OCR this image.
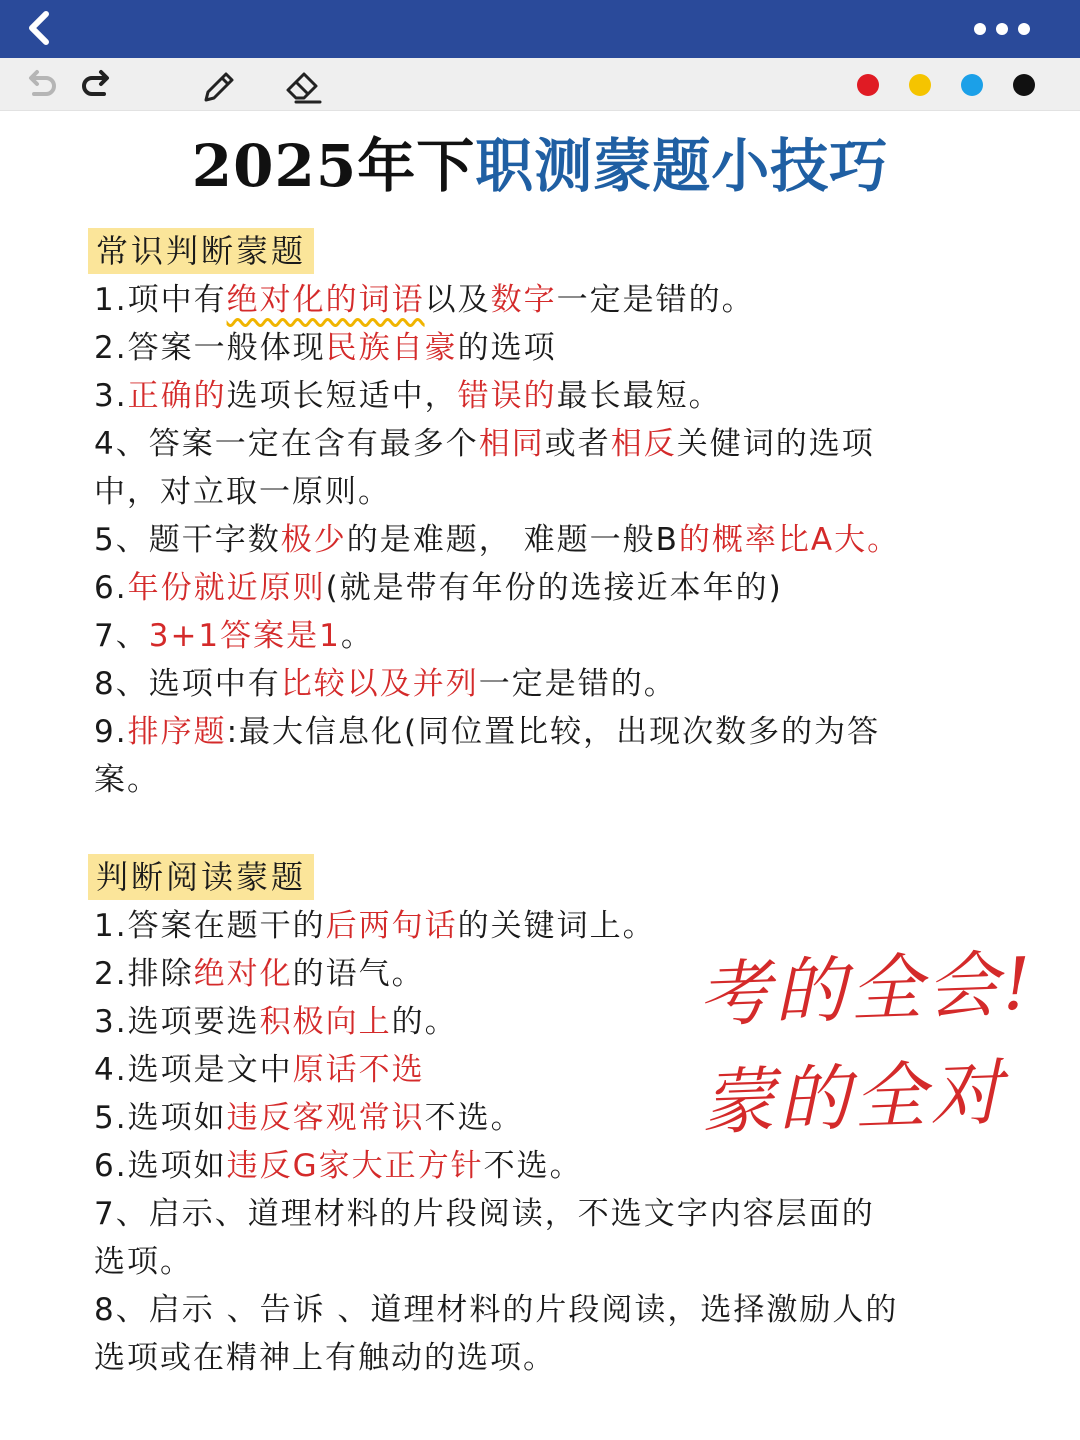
2025年下职测蒙题小技巧
常识判断蒙题
1.项中有绝对化的词语以及数字一定是错的。
2.答案一般体现民族自豪的选项
3.正确的选项长短适中，错误的最长最短。
4、答案一定在含有最多个相同或者相反关健词的选项
中，对立取一原则。
5、题干字数极少的是难题， 难题一般B的概率比A大。
6.年份就近原则(就是带有年份的选接近本年的)
7、3+1答案是1。
8、选项中有比较以及并列一定是错的。
9.排序题:最大信息化(同位置比较，出现次数多的为答
案。
判断阅读蒙题
1.答案在题干的后两句话的关键词上。
2.排除绝对化的语气。
3.选项要选积极向上的。
4.选项是文中原话不选
5.选项如违反客观常识不选。
6.选项如违反G家大正方针不选。
7、启示、道理材料的片段阅读，不选文字内容层面的
选项。
8、启示 、告诉 、道理材料的片段阅读，选择激励人的
选项或在精神上有触动的选项。
考的全会!
蒙的全对
